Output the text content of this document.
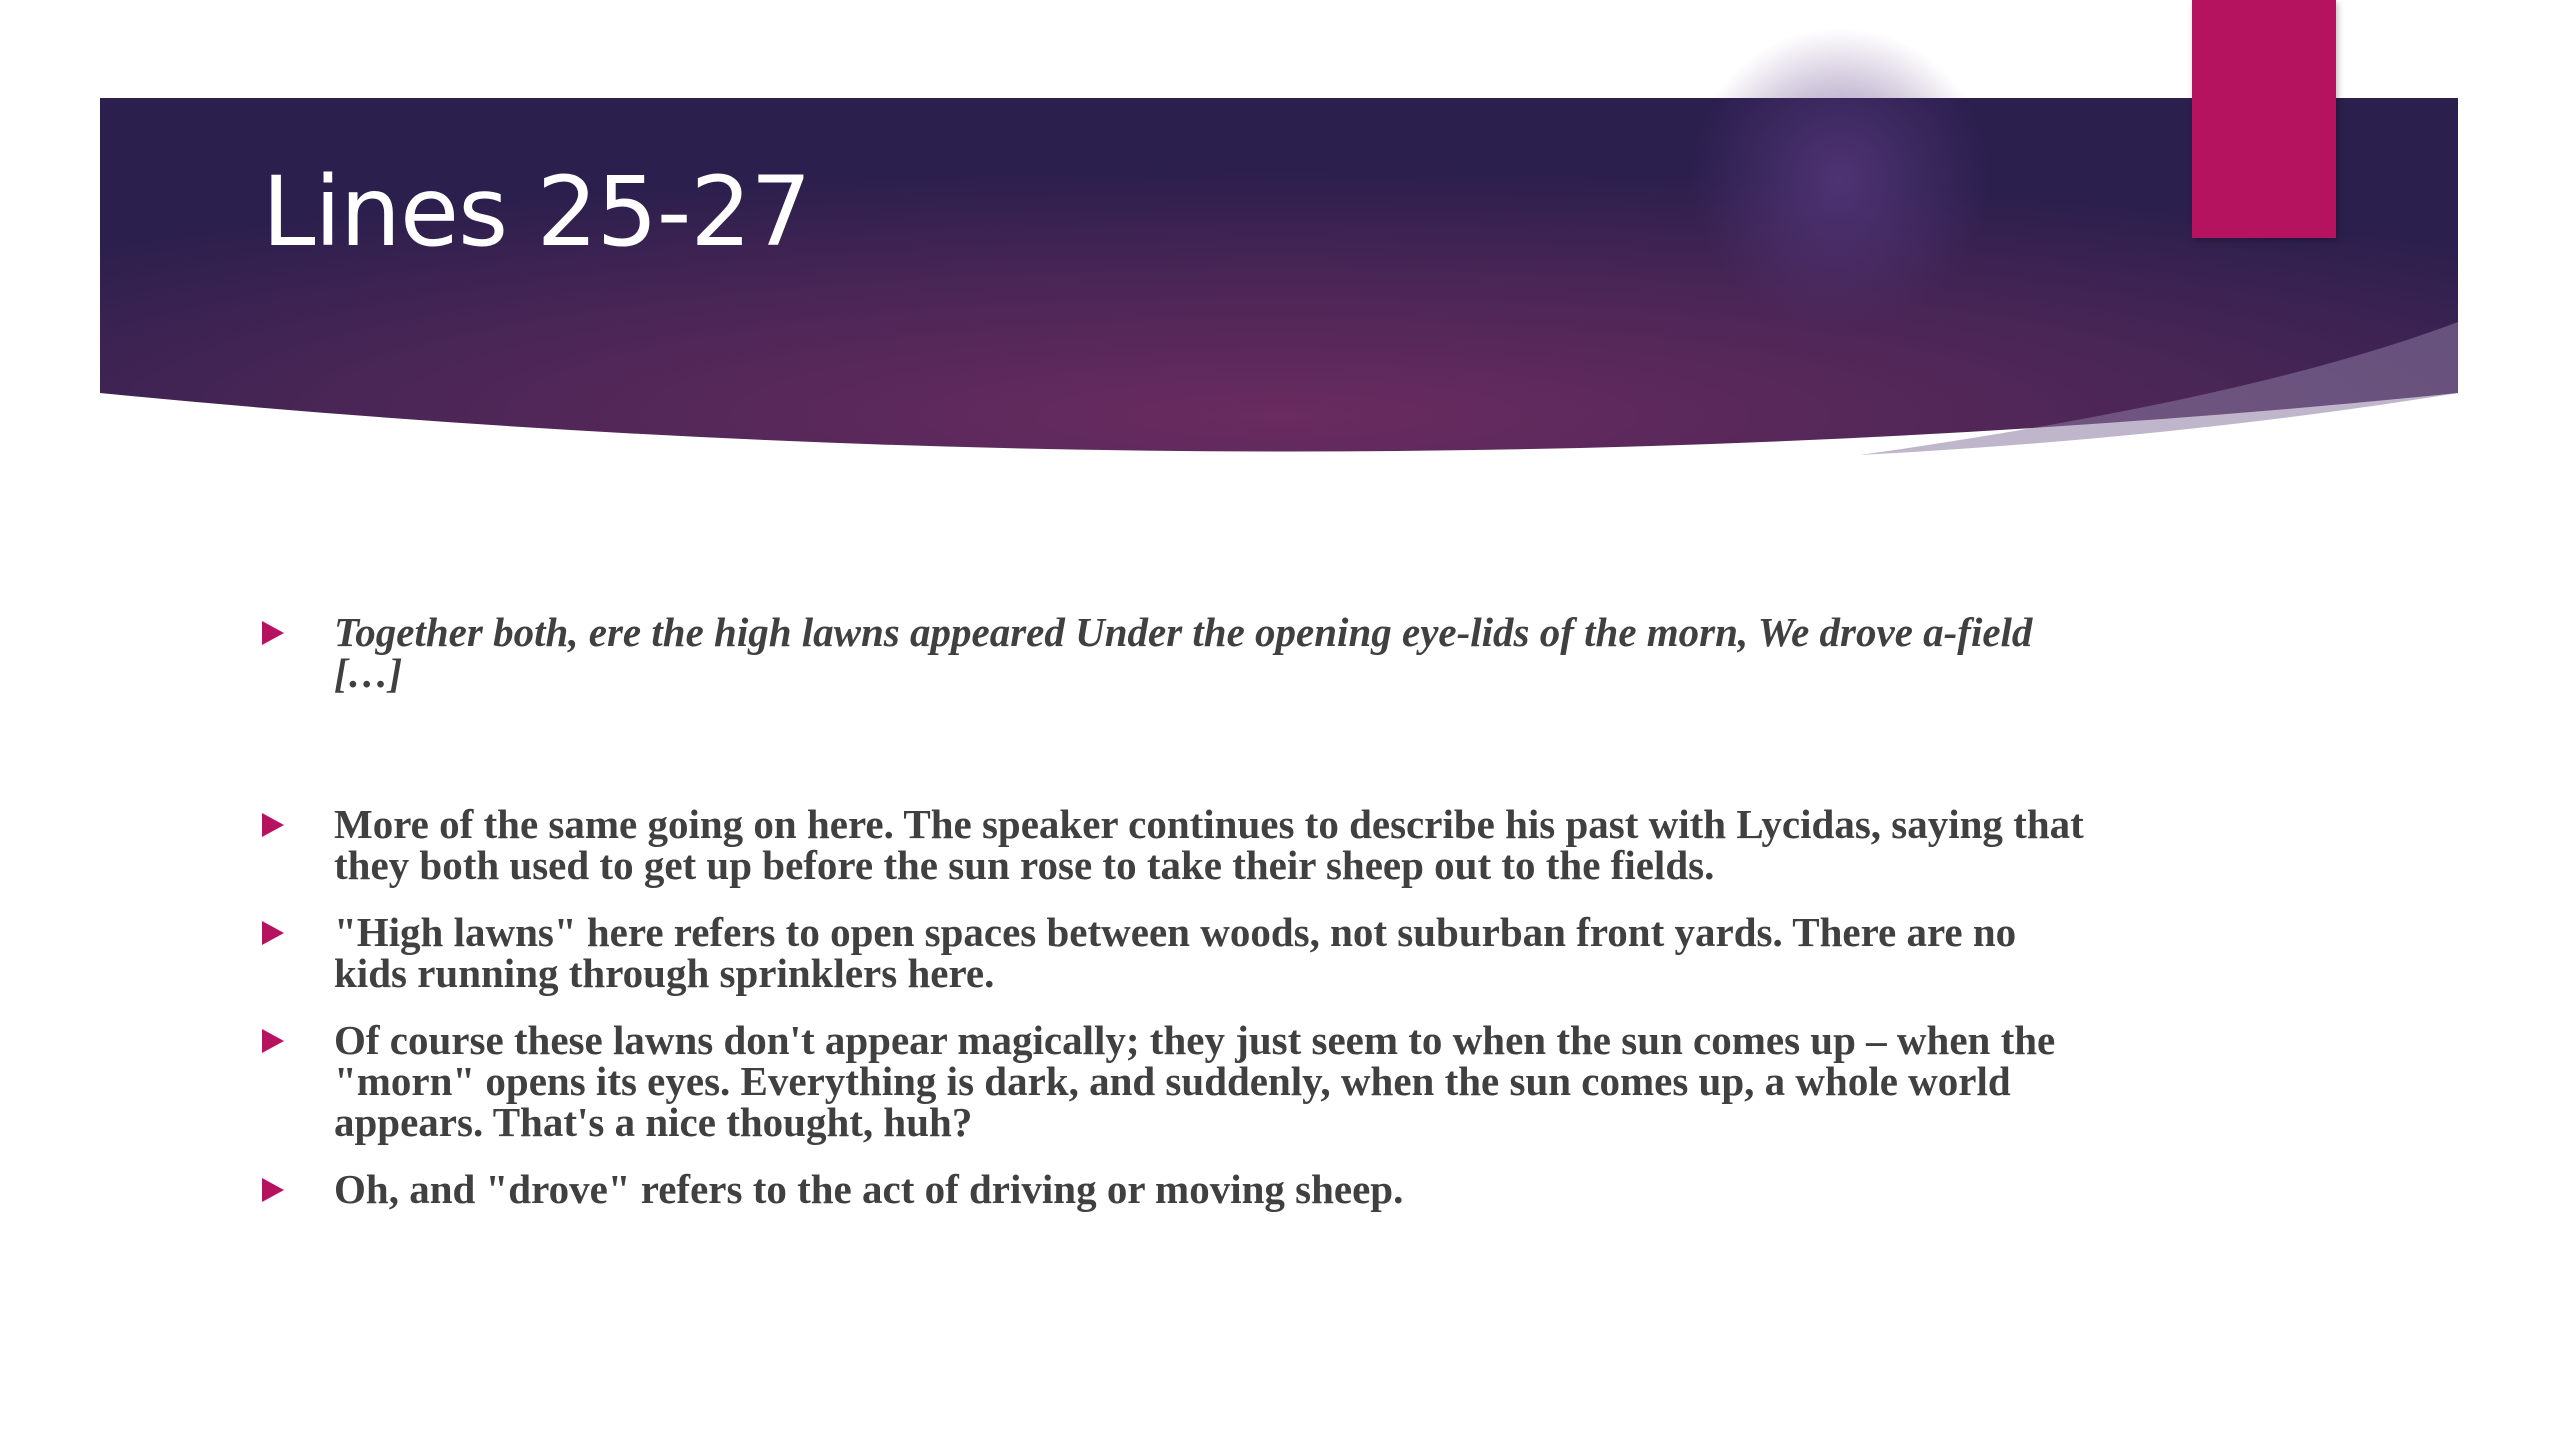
Lines 25-27
Together both, ere the high lawns appeared Under the opening eye-lids of the morn, We drove a-field […]
More of the same going on here. The speaker continues to describe his past with Lycidas, saying that they both used to get up before the sun rose to take their sheep out to the fields.
"High lawns" here refers to open spaces between woods, not suburban front yards. There are no kids running through sprinklers here.
Of course these lawns don't appear magically; they just seem to when the sun comes up – when the "morn" opens its eyes. Everything is dark, and suddenly, when the sun comes up, a whole world appears. That's a nice thought, huh?
Oh, and "drove" refers to the act of driving or moving sheep.
